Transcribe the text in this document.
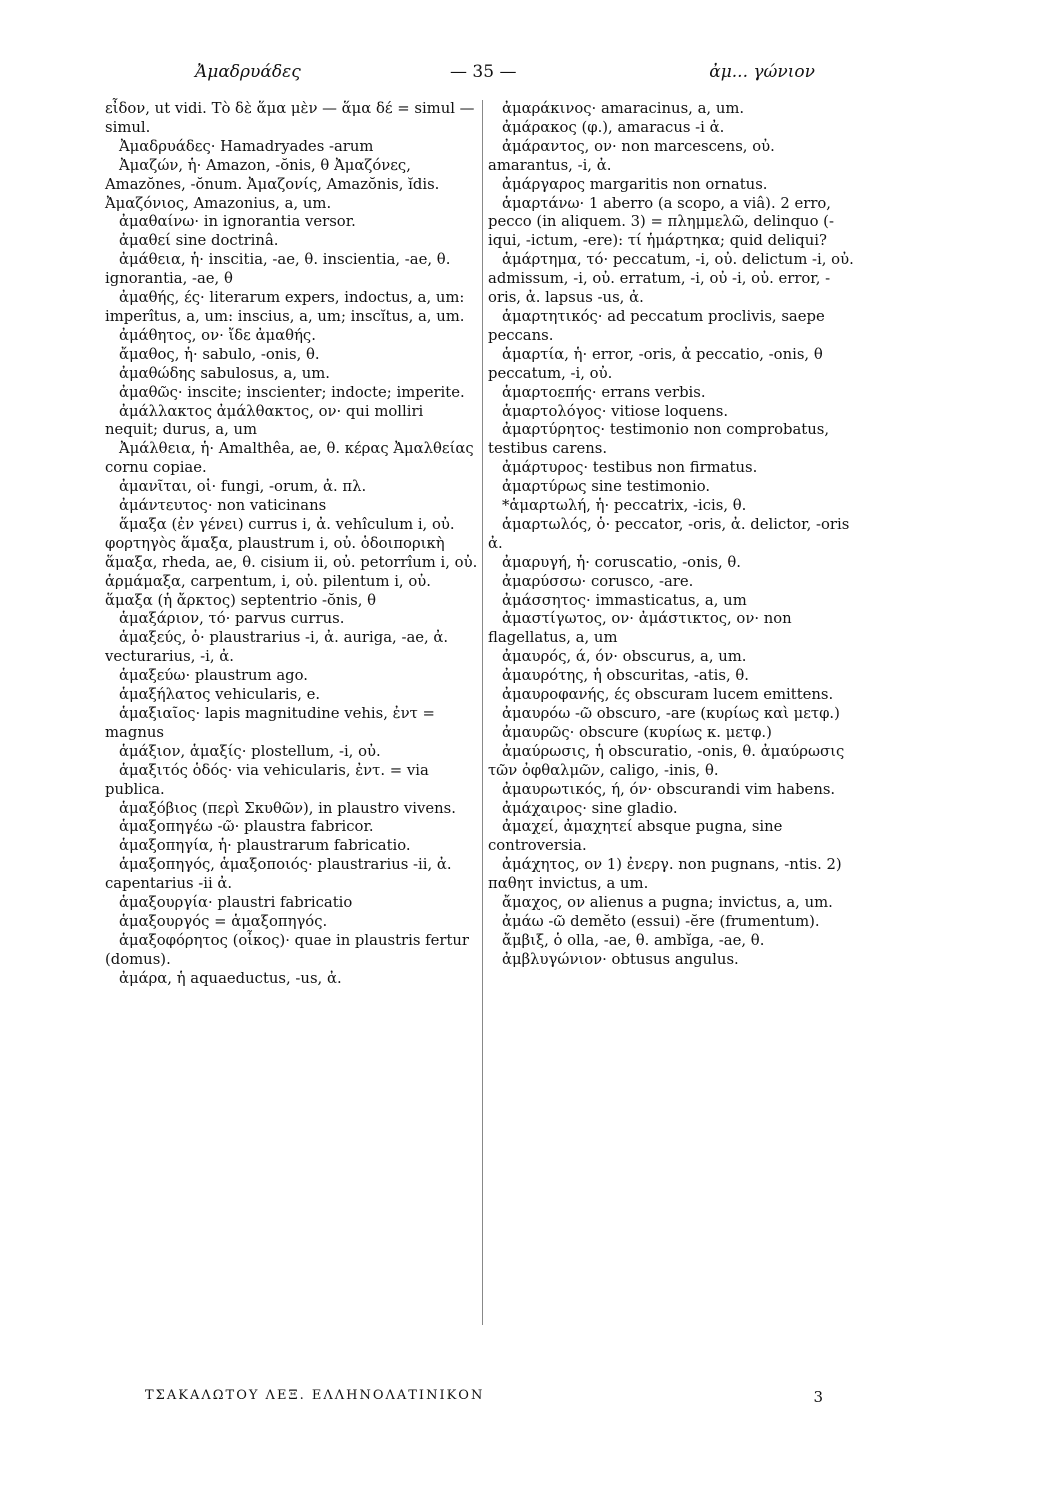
Ἀμαδρυάδες	— 35 —	ἀμ... γώνιον

εἶδον, ut vidi. Τὸ δὲ ἅμα μὲν — ἅμα δέ = simul — simul.

Ἀμαδρυάδες· Hamadryades -arum

Ἀμαζών, ἡ· Amazon, -ŏnis, θ Ἀμαζόνες, Amazŏnes, -ŏnum. Ἀμαζονίς, Amazŏnis, ĭdis. Ἀμαζόνιος, Amazonius, a, um.

ἀμαθαίνω· in ignorantia versor.

ἀμαθεί sine doctrinâ.

ἀμάθεια, ἡ· inscitia, -ae, θ. inscientia, -ae, θ. ignorantia, -ae, θ

ἀμαθής, ές· literarum expers, indoctus, a, um: imperîtus, a, um: inscius, a, um; inscĭtus, a, um.

ἀμάθητος, ον· ἴδε ἀμαθής.

ἄμαθος, ἡ· sabulo, -onis, θ.

ἀμαθώδης sabulosus, a, um.

ἀμαθῶς· inscite; inscienter; indocte; imperite.

ἀμάλλακτος ἀμάλθακτος, ον· qui molliri nequit; durus, a, um

Ἀμάλθεια, ἡ· Amalthêa, ae, θ. κέρας Ἀμαλθείας cornu copiae.

ἀμανῖται, οἱ· fungi, -orum, ἀ. πλ.

ἀμάντευτος· non vaticinans

ἅμαξα (ἐν γένει) currus i, ἀ. vehîculum i, οὐ. φορτηγὸς ἅμαξα, plaustrum i, οὐ. ὁδοιπορικὴ ἅμαξα, rheda, ae, θ. cisium ii, οὐ. petorrîum i, οὐ. ἁρμάμαξα, carpentum, i, οὐ. pilentum i, οὐ. ἅμαξα (ἡ ἄρκτος) septentrio -ŏnis, θ

ἁμαξάριον, τό· parvus currus.

ἁμαξεύς, ὁ· plaustrarius -i, ἀ. auriga, -ae, ἀ. vecturarius, -i, ἀ.

ἁμαξεύω· plaustrum ago.

ἁμαξήλατος vehicularis, e.

ἁμαξιαῖος· lapis magnitudine vehis, ἐντ = magnus

ἁμάξιον, ἁμαξίς· plostellum, -i, οὐ.

ἁμαξιτός ὁδός· via vehicularis, ἐντ. = via publica.

ἁμαξόβιος (περὶ Σκυθῶν), in plaustro vivens.

ἁμαξοπηγέω -ῶ· plaustra fabricor.

ἁμαξοπηγία, ἡ· plaustrarum fabricatio.

ἁμαξοπηγός, ἁμαξοποιός· plaustrarius -ii, ἀ. capentarius -ii ἀ.

ἁμαξουργία· plaustri fabricatio

ἁμαξουργός = ἁμαξοπηγός.

ἁμαξοφόρητος (οἶκος)· quae in plaustris fertur (domus).

ἀμάρα, ἡ aquaeductus, -us, ἀ.

ἀμαράκινος· amaracinus, a, um.

ἀμάρακος (φ.), amaracus -i ἀ.

ἀμάραντος, ον· non marcescens, οὐ. amarantus, -i, ἀ.

ἀμάργαρος margaritis non ornatus.

ἁμαρτάνω· 1 aberro (a scopo, a viâ). 2 erro, pecco (in aliquem. 3) = πλημμελῶ, delinquo (-iqui, -ictum, -ere): τί ἡμάρτηκα; quid deliqui?

ἁμάρτημα, τό· peccatum, -i, οὐ. delictum -i, οὐ. admissum, -i, οὐ. erratum, -i, οὐ -i, οὐ. error, -oris, ἀ. lapsus -us, ἀ.

ἁμαρτητικός· ad peccatum proclivis, saepe peccans.

ἁμαρτία, ἡ· error, -oris, ἀ peccatio, -onis, θ peccatum, -i, οὐ.

ἁμαρτοεπής· errans verbis.

ἁμαρτολόγος· vitiose loquens.

ἀμαρτύρητος· testimonio non comprobatus, testibus carens.

ἀμάρτυρος· testibus non firmatus.

ἀμαρτύρως sine testimonio.

*ἁμαρτωλή, ἡ· peccatrix, -icis, θ.

ἁμαρτωλός, ὁ· peccator, -oris, ἀ. delictor, -oris ἀ.

ἀμαρυγή, ἡ· coruscatio, -onis, θ.

ἀμαρύσσω· corusco, -are.

ἀμάσσητος· immasticatus, a, um

ἀμαστίγωτος, ον· ἀμάστικτος, ον· non flagellatus, a, um

ἀμαυρός, ά, όν· obscurus, a, um.

ἀμαυρότης, ἡ obscuritas, -atis, θ.

ἀμαυροφανής, ές obscuram lucem emittens.

ἀμαυρόω -ῶ obscuro, -are (κυρίως καὶ μετφ.)

ἀμαυρῶς· obscure (κυρίως κ. μετφ.)

ἀμαύρωσις, ἡ obscuratio, -onis, θ. ἀμαύρωσις τῶν ὀφθαλμῶν, caligo, -inis, θ.

ἀμαυρωτικός, ή, όν· obscurandi vim habens.

ἀμάχαιρος· sine gladio.

ἀμαχεί, ἀμαχητεί absque pugna, sine controversia.

ἀμάχητος, ον 1) ἐνεργ. non pugnans, -ntis. 2) παθητ invictus, a um.

ἄμαχος, ον alienus a pugna; invictus, a, um.

ἀμάω -ῶ demĕto (essui) -ĕre (frumentum).

ἄμβιξ, ὁ olla, -ae, θ. ambĭga, -ae, θ.

ἀμβλυγώνιον· obtusus angulus.

ΤΣΑΚΑΛΩΤΟΥ ΛΕΞ. ΕΛΛΗΝΟΛΑΤΙΝΙΚΟΝ	3
